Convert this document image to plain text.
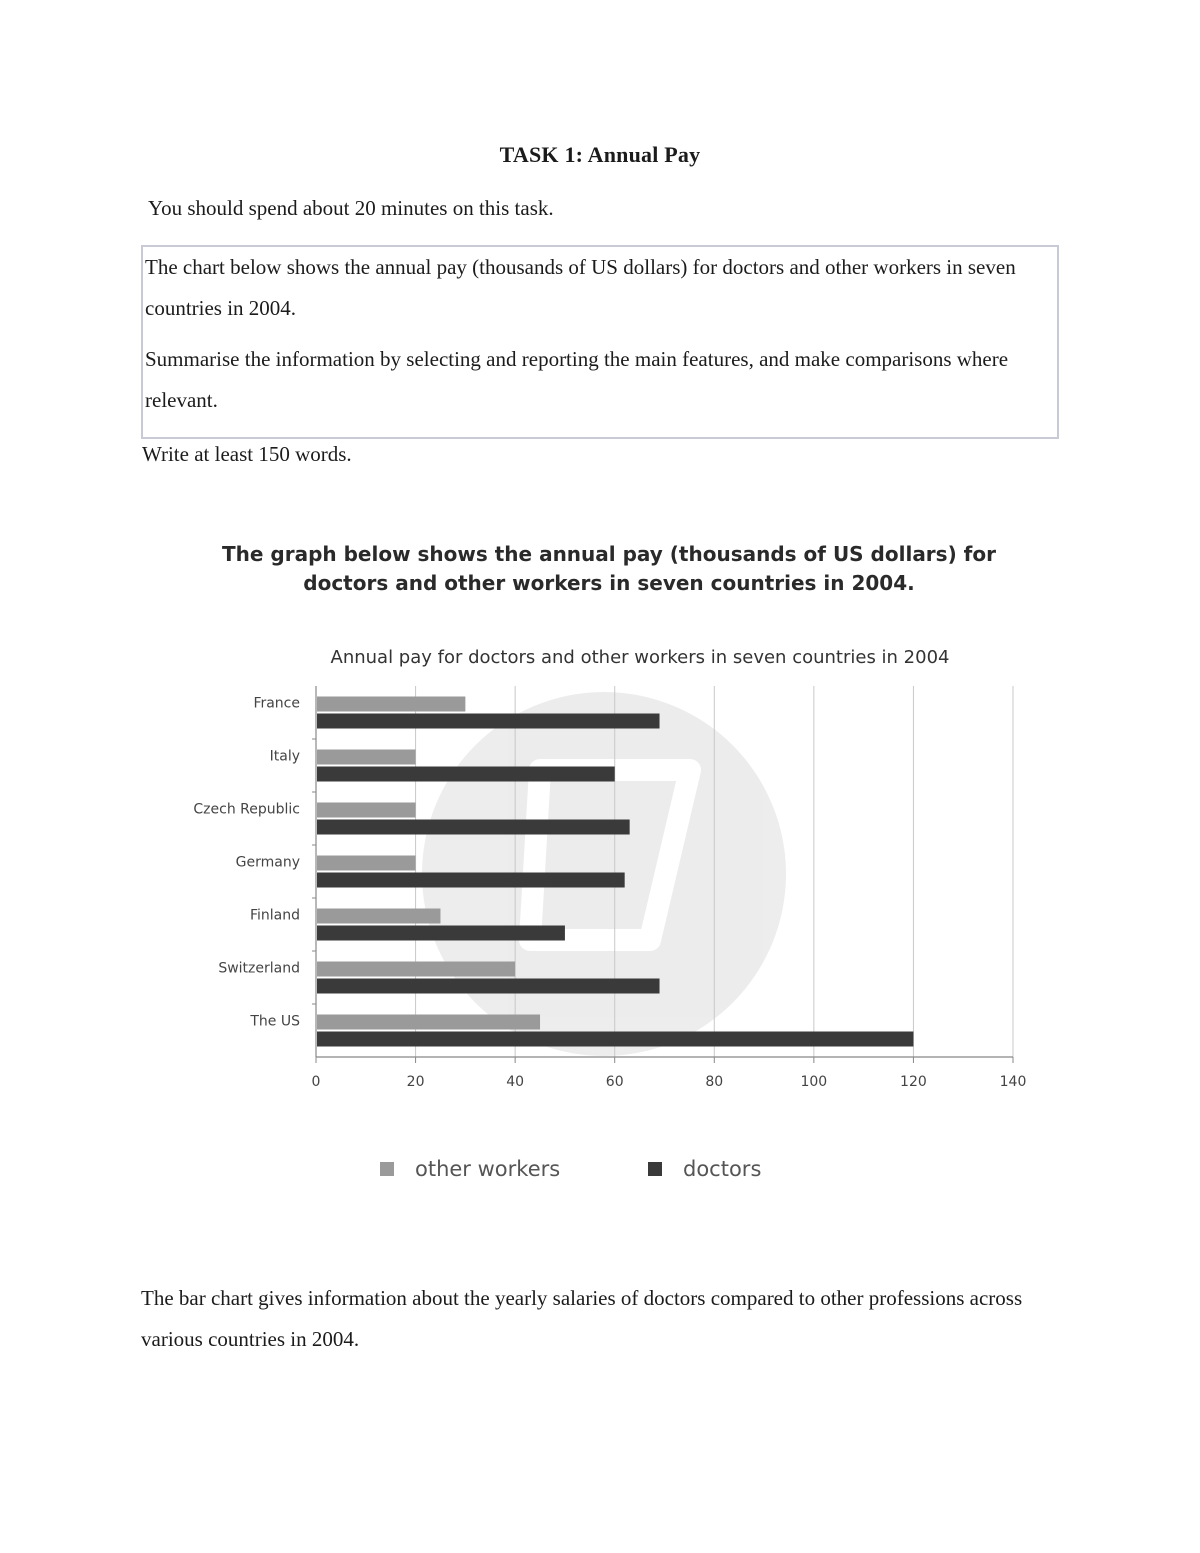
TASK 1: Annual Pay
You should spend about 20 minutes on this task.

The chart below shows the annual pay (thousands of US dollars) for doctors and other workers in seven countries in 2004.

Summarise the information by selecting and reporting the main features, and make comparisons where relevant.

Write at least 150 words.
The graph below shows the annual pay (thousands of US dollars) for
doctors and other workers in seven countries in 2004.
Annual pay for doctors and other workers in seven countries in 2004
0	20	40	60	80	100	120	140
France
Italy
Czech Republic
Germany
Finland
Switzerland
The US
other workers	doctors
The bar chart gives information about the yearly salaries of doctors compared to other professions across various countries in 2004.
